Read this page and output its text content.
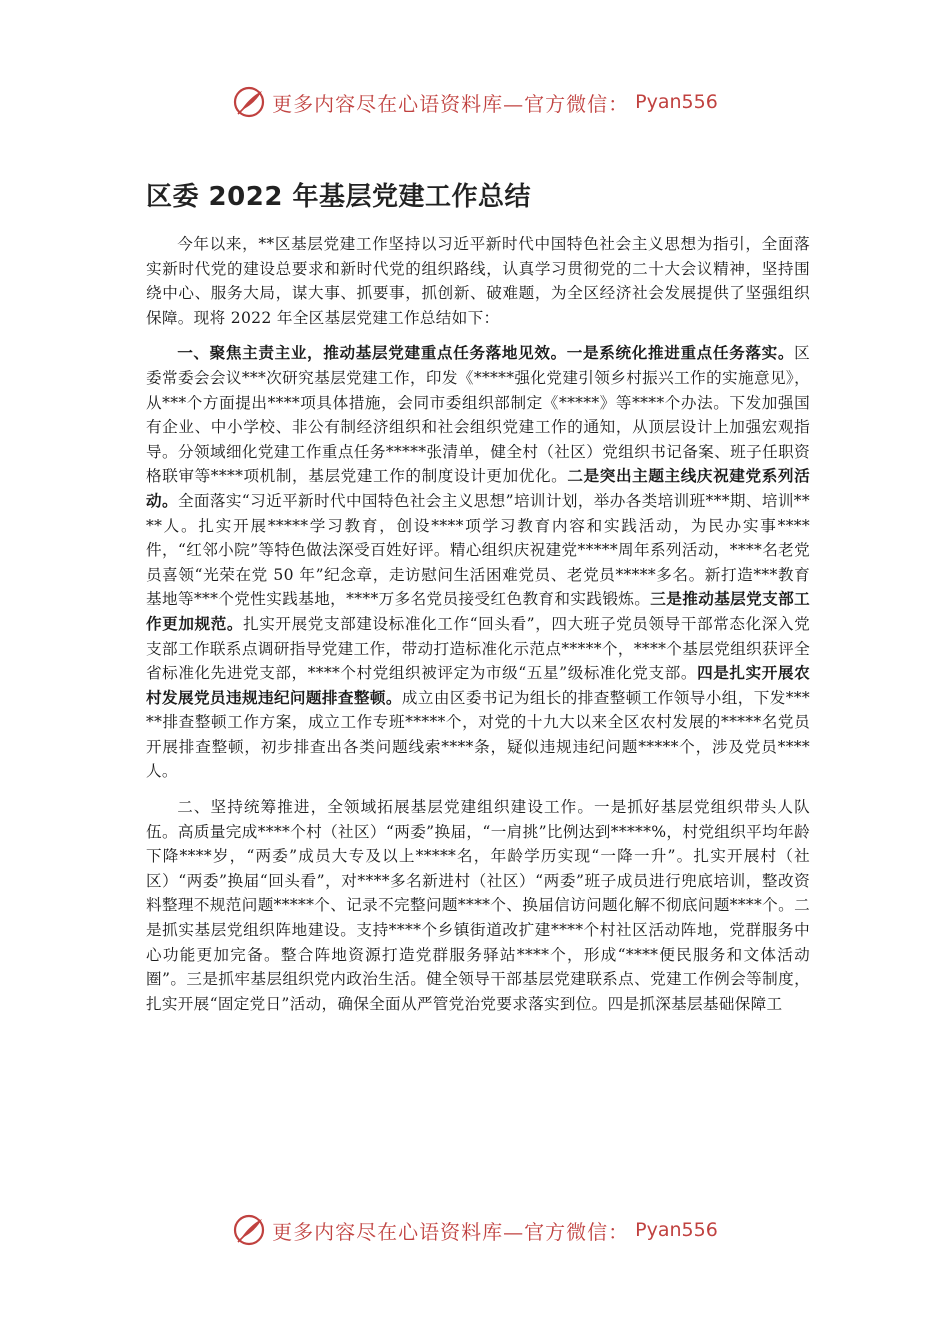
更多内容尽在心语资料库—官方微信： Pyan556
区委 2022 年基层党建工作总结

今年以来，**区基层党建工作坚持以习近平新时代中国特色社会主义思想为指引，全面落实新时代党的建设总要求和新时代党的组织路线，认真学习贯彻党的二十大会议精神，坚持围绕中心、服务大局，谋大事、抓要事，抓创新、破难题，为全区经济社会发展提供了坚强组织保障。现将 2022 年全区基层党建工作总结如下：

一、聚焦主责主业，推动基层党建重点任务落地见效。一是系统化推进重点任务落实。区委常委会会议***次研究基层党建工作，印发《*****强化党建引领乡村振兴工作的实施意见》，从***个方面提出****项具体措施，会同市委组织部制定《*****》等****个办法。下发加强国有企业、中小学校、非公有制经济组织和社会组织党建工作的通知，从顶层设计上加强宏观指导。分领域细化党建工作重点任务*****张清单，健全村（社区）党组织书记备案、班子任职资格联审等****项机制，基层党建工作的制度设计更加优化。二是突出主题主线庆祝建党系列活动。全面落实“习近平新时代中国特色社会主义思想”培训计划，举办各类培训班***期、培训****人。扎实开展*****学习教育，创设****项学习教育内容和实践活动，为民办实事****件，“红邻小院”等特色做法深受百姓好评。精心组织庆祝建党*****周年系列活动，****名老党员喜领“光荣在党 50 年”纪念章，走访慰问生活困难党员、老党员*****多名。新打造***教育基地等***个党性实践基地，****万多名党员接受红色教育和实践锻炼。三是推动基层党支部工作更加规范。扎实开展党支部建设标准化工作“回头看”，四大班子党员领导干部常态化深入党支部工作联系点调研指导党建工作，带动打造标准化示范点*****个，****个基层党组织获评全省标准化先进党支部，****个村党组织被评定为市级“五星”级标准化党支部。四是扎实开展农村发展党员违规违纪问题排查整顿。成立由区委书记为组长的排查整顿工作领导小组，下发*****排查整顿工作方案，成立工作专班*****个，对党的十九大以来全区农村发展的*****名党员开展排查整顿，初步排查出各类问题线索****条，疑似违规违纪问题*****个，涉及党员****人。

二、坚持统筹推进，全领域拓展基层党建组织建设工作。一是抓好基层党组织带头人队伍。高质量完成****个村（社区）“两委”换届，“一肩挑”比例达到*****%，村党组织平均年龄下降****岁，“两委”成员大专及以上*****名，年龄学历实现“一降一升”。扎实开展村（社区）“两委”换届“回头看”，对****多名新进村（社区）“两委”班子成员进行兜底培训，整改资料整理不规范问题*****个、记录不完整问题****个、换届信访问题化解不彻底问题****个。二是抓实基层党组织阵地建设。支持****个乡镇街道改扩建****个村社区活动阵地，党群服务中心功能更加完备。整合阵地资源打造党群服务驿站****个，形成“****便民服务和文体活动圈”。三是抓牢基层组织党内政治生活。健全领导干部基层党建联系点、党建工作例会等制度，扎实开展“固定党日”活动，确保全面从严管党治党要求落实到位。四是抓深基层基础保障工

更多内容尽在心语资料库—官方微信： Pyan556
